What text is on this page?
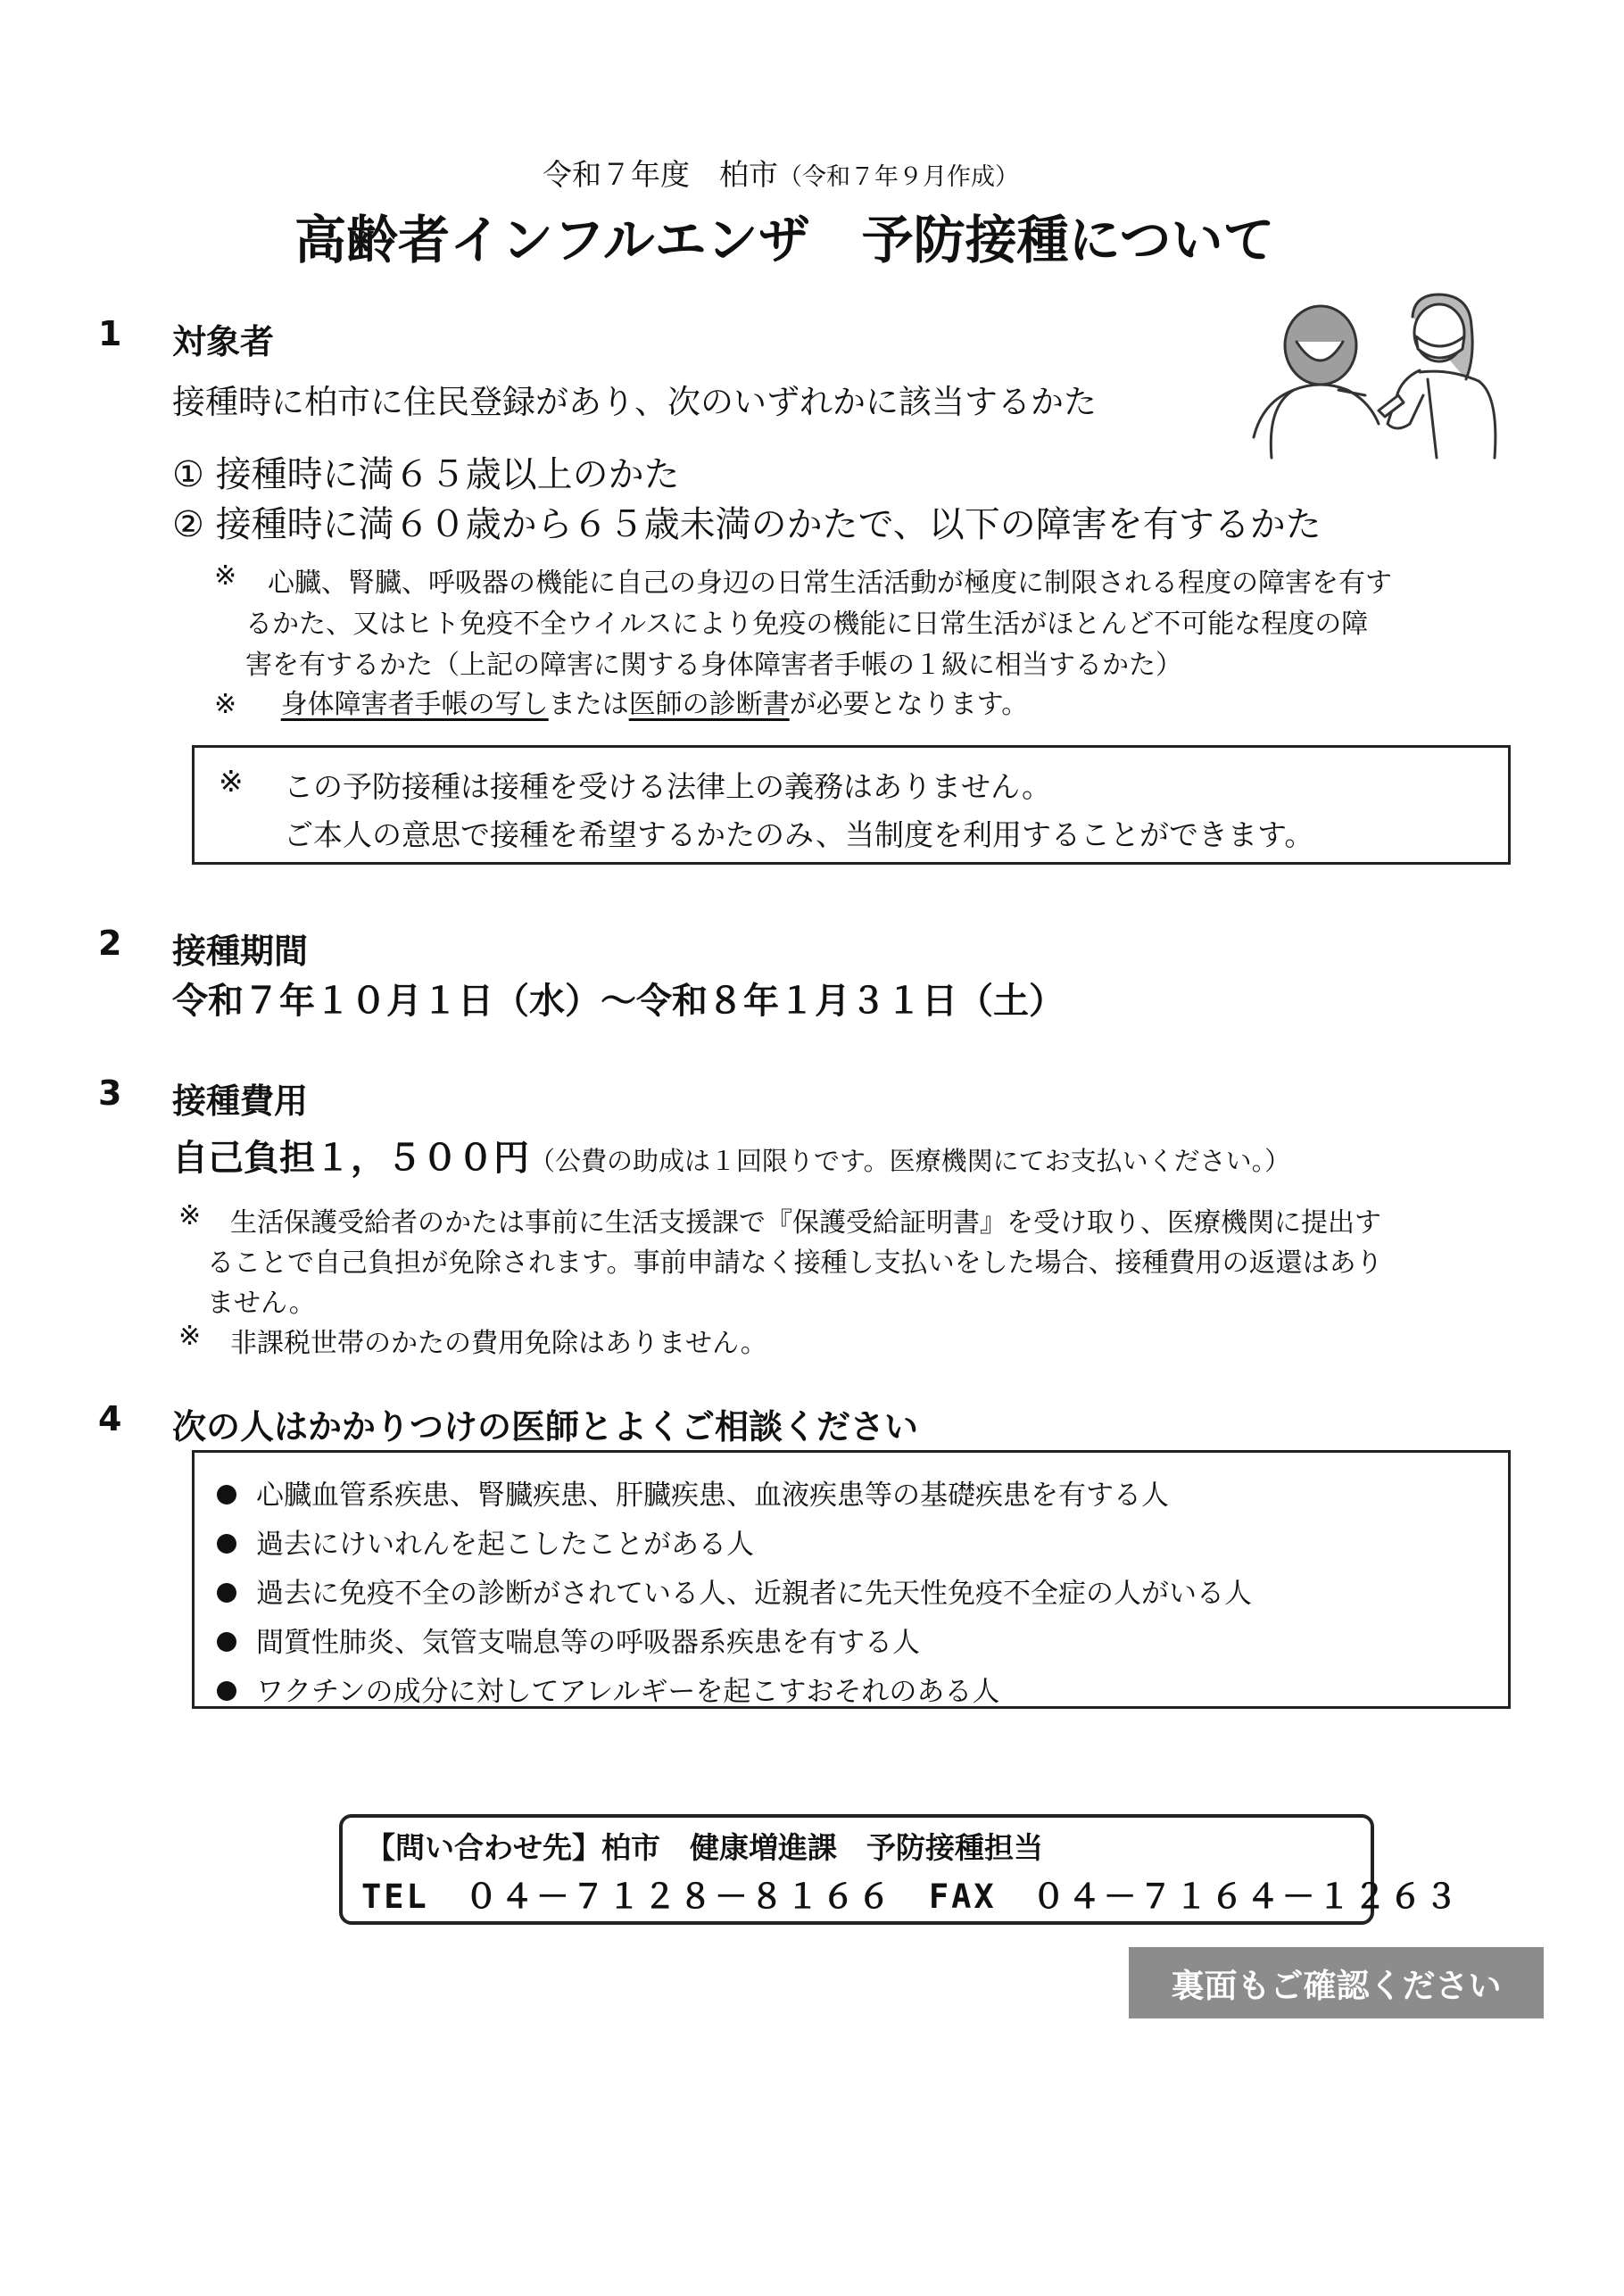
令和７年度　柏市（令和７年９月作成）
高齢者インフルエンザ　予防接種について
1 対象者
接種時に柏市に住民登録があり、次のいずれかに該当するかた
① 接種時に満６５歳以上のかた
② 接種時に満６０歳から６５歳未満のかたで、以下の障害を有するかた
※ 心臓、腎臓、呼吸器の機能に自己の身辺の日常生活活動が極度に制限される程度の障害を有す
るかた、又はヒト免疫不全ウイルスにより免疫の機能に日常生活がほとんど不可能な程度の障
害を有するかた（上記の障害に関する身体障害者手帳の１級に相当するかた）
※ 身体障害者手帳の写しまたは医師の診断書が必要となります。
※ この予防接種は接種を受ける法律上の義務はありません。
ご本人の意思で接種を希望するかたのみ、当制度を利用することができます。
2 接種期間
令和７年１０月１日（水）～令和８年１月３１日（土）
3 接種費用
自己負担１，５００円（公費の助成は１回限りです。医療機関にてお支払いください。）
※ 生活保護受給者のかたは事前に生活支援課で『保護受給証明書』を受け取り、医療機関に提出す
ることで自己負担が免除されます。事前申請なく接種し支払いをした場合、接種費用の返還はあり
ません。
※ 非課税世帯のかたの費用免除はありません。
4 次の人はかかりつけの医師とよくご相談ください
心臓血管系疾患、腎臓疾患、肝臓疾患、血液疾患等の基礎疾患を有する人
過去にけいれんを起こしたことがある人
過去に免疫不全の診断がされている人、近親者に先天性免疫不全症の人がいる人
間質性肺炎、気管支喘息等の呼吸器系疾患を有する人
ワクチンの成分に対してアレルギーを起こすおそれのある人
【問い合わせ先】柏市　健康増進課　予防接種担当
TEL　０４－７１２８－８１６６　FAX　０４－７１６４－１２６３
裏面もご確認ください
